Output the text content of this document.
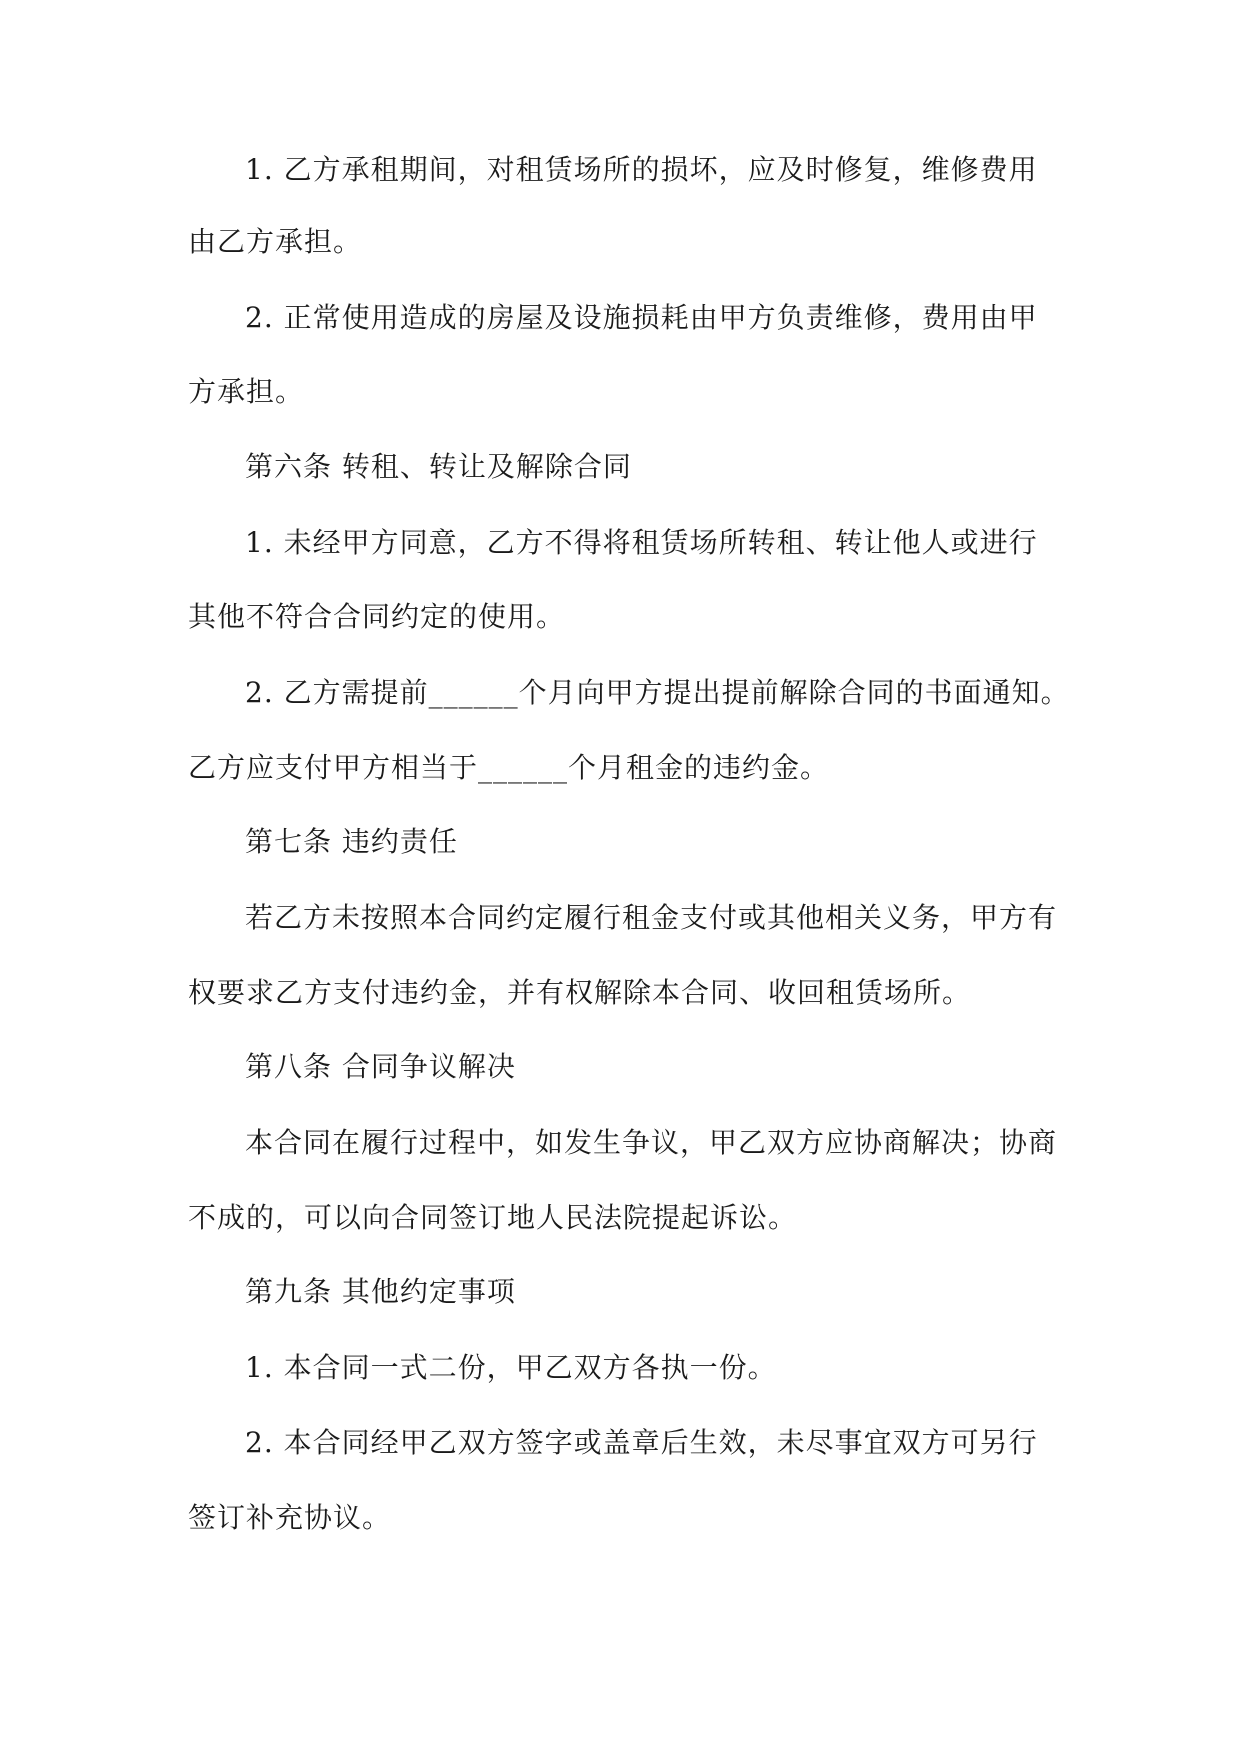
1. 乙方承租期间，对租赁场所的损坏，应及时修复，维修费用
由乙方承担。
2. 正常使用造成的房屋及设施损耗由甲方负责维修，费用由甲
方承担。
第六条 转租、转让及解除合同
1. 未经甲方同意，乙方不得将租赁场所转租、转让他人或进行
其他不符合合同约定的使用。
2. 乙方需提前______个月向甲方提出提前解除合同的书面通知。
乙方应支付甲方相当于______个月租金的违约金。
第七条 违约责任
若乙方未按照本合同约定履行租金支付或其他相关义务，甲方有
权要求乙方支付违约金，并有权解除本合同、收回租赁场所。
第八条 合同争议解决
本合同在履行过程中，如发生争议，甲乙双方应协商解决；协商
不成的，可以向合同签订地人民法院提起诉讼。
第九条 其他约定事项
1. 本合同一式二份，甲乙双方各执一份。
2. 本合同经甲乙双方签字或盖章后生效，未尽事宜双方可另行
签订补充协议。
